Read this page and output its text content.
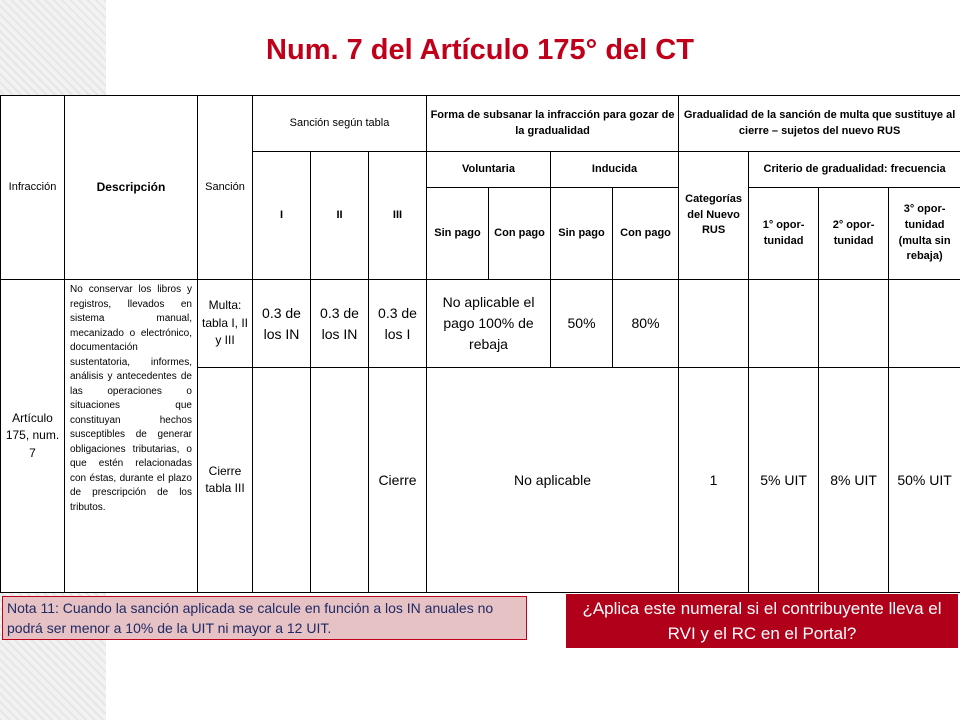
Num. 7 del Artículo 175° del CT
Infracción	Descripción	Sanción	Sanción según tabla			Forma de subsanar la infracción para gozar de la gradualidad				Gradualidad de la sanción de multa que sustituye al cierre – sujetos del nuevo RUS			
			I	II	III	Voluntaria		Inducida		Categorías del Nuevo RUS	Criterio de gradualidad: frecuencia		
						Sin pago	Con pago	Sin pago	Con pago		1° opor-tunidad	2° opor-tunidad	3° opor-tunidad (multa sin rebaja)
Artículo 175, num. 7	No conservar los libros y registros, llevados en sistema manual, mecanizado o electrónico, documentación sustentatoria, informes, análisis y antecedentes de las operaciones o situaciones que constituyan hechos susceptibles de generar obligaciones tributarias, o que estén relacionadas con éstas, durante el plazo de prescripción de los tributos.	Multa: tabla I, II y III	0.3 de los IN	0.3 de los IN	0.3 de los I	No aplicable el pago 100% de rebaja		50%	80%				
		Cierre tabla III			Cierre	No aplicable				1	5% UIT	8% UIT	50% UIT
Nota 11: Cuando la sanción aplicada se calcule en función a los IN anuales no podrá ser menor a 10% de la UIT ni mayor a 12 UIT.
¿Aplica este numeral si el contribuyente lleva el RVI y el RC en el Portal?
